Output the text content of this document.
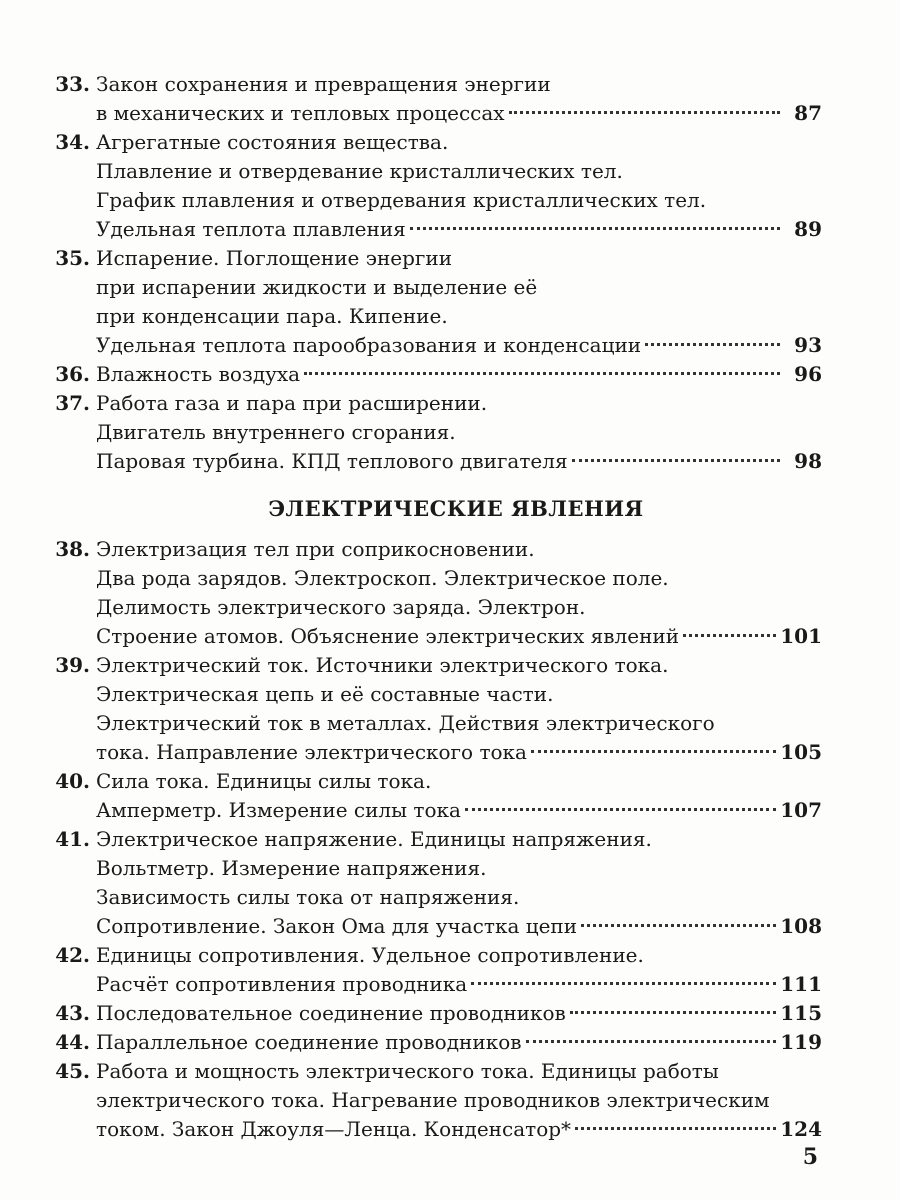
33. Закон сохранения и превращения энергии
в механических и тепловых процессах	87
34. Агрегатные состояния вещества.
Плавление и отвердевание кристаллических тел.
График плавления и отвердевания кристаллических тел.
Удельная теплота плавления	89
35. Испарение. Поглощение энергии
при испарении жидкости и выделение её
при конденсации пара. Кипение.
Удельная теплота парообразования и конденсации	93
36. Влажность воздуха	96
37. Работа газа и пара при расширении.
Двигатель внутреннего сгорания.
Паровая турбина. КПД теплового двигателя	98
ЭЛЕКТРИЧЕСКИЕ ЯВЛЕНИЯ
38. Электризация тел при соприкосновении.
Два рода зарядов. Электроскоп. Электрическое поле.
Делимость электрического заряда. Электрон.
Строение атомов. Объяснение электрических явлений	101
39. Электрический ток. Источники электрического тока.
Электрическая цепь и её составные части.
Электрический ток в металлах. Действия электрического
тока. Направление электрического тока	105
40. Сила тока. Единицы силы тока.
Амперметр. Измерение силы тока	107
41. Электрическое напряжение. Единицы напряжения.
Вольтметр. Измерение напряжения.
Зависимость силы тока от напряжения.
Сопротивление. Закон Ома для участка цепи	108
42. Единицы сопротивления. Удельное сопротивление.
Расчёт сопротивления проводника	111
43. Последовательное соединение проводников	115
44. Параллельное соединение проводников	119
45. Работа и мощность электрического тока. Единицы работы
электрического тока. Нагревание проводников электрическим
током. Закон Джоуля—Ленца. Конденсатор*	124
5
